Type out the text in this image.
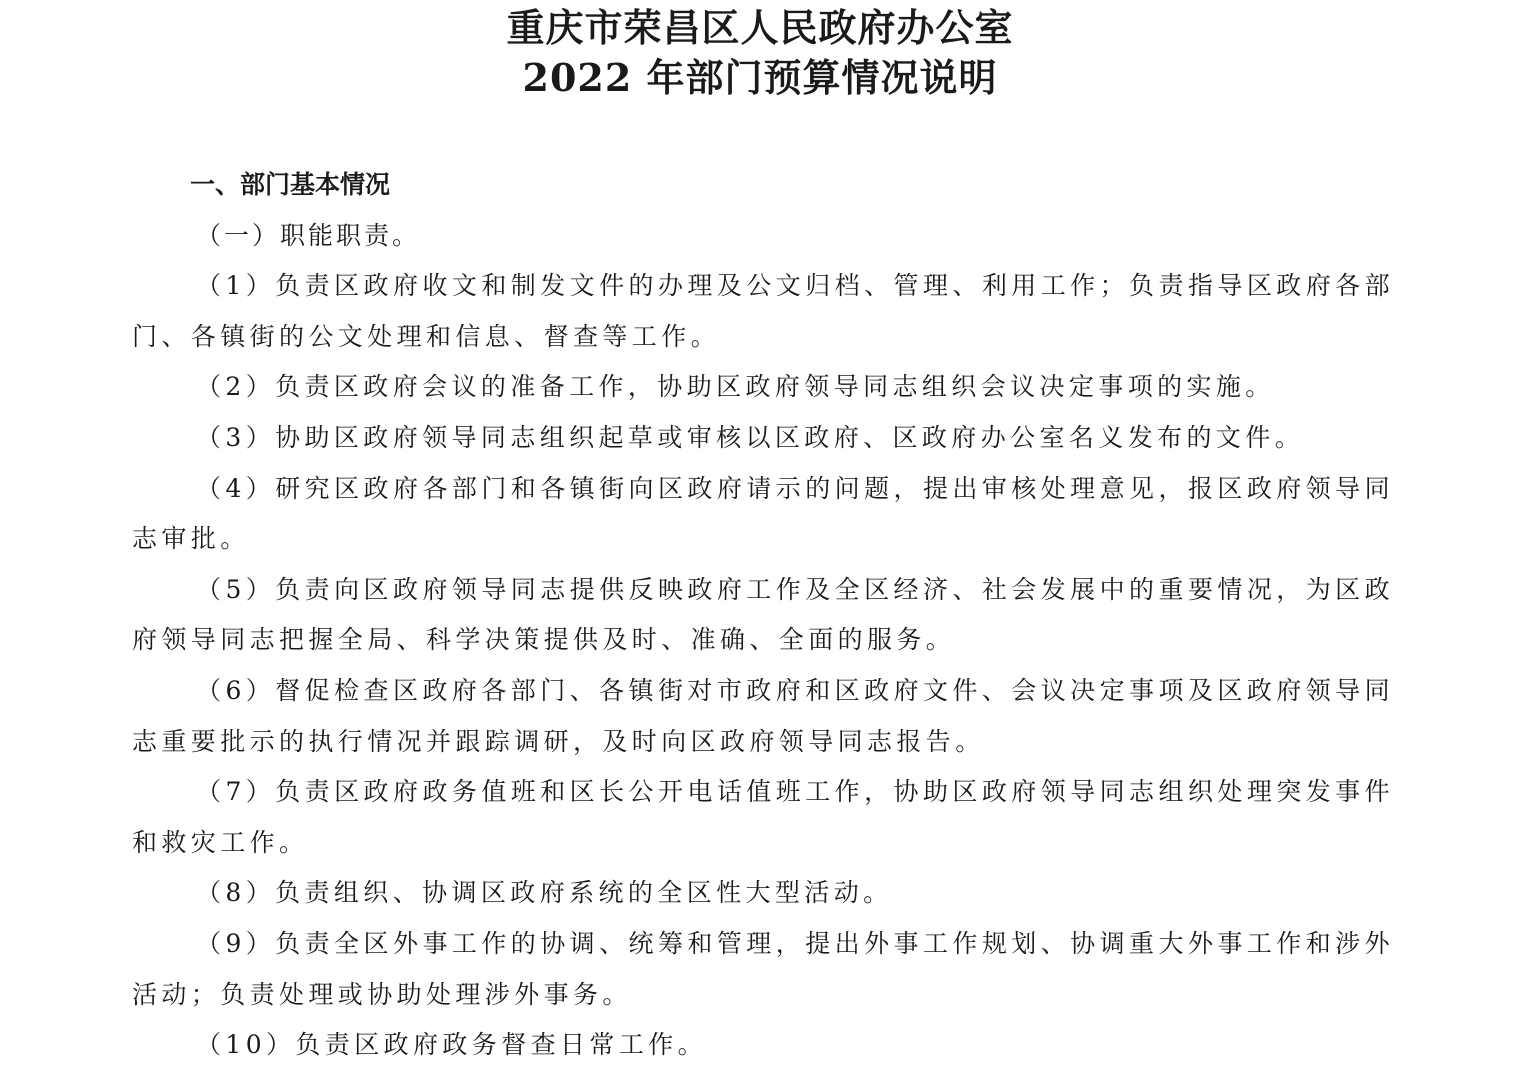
重庆市荣昌区人民政府办公室
2022 年部门预算情况说明
一、部门基本情况

（一）职能职责。

（1）负责区政府收文和制发文件的办理及公文归档、管理、利用工作；负责指导区政府各部门、各镇街的公文处理和信息、督查等工作。

（2）负责区政府会议的准备工作，协助区政府领导同志组织会议决定事项的实施。

（3）协助区政府领导同志组织起草或审核以区政府、区政府办公室名义发布的文件。

（4）研究区政府各部门和各镇街向区政府请示的问题，提出审核处理意见，报区政府领导同志审批。

（5）负责向区政府领导同志提供反映政府工作及全区经济、社会发展中的重要情况，为区政府领导同志把握全局、科学决策提供及时、准确、全面的服务。

（6）督促检查区政府各部门、各镇街对市政府和区政府文件、会议决定事项及区政府领导同志重要批示的执行情况并跟踪调研，及时向区政府领导同志报告。

（7）负责区政府政务值班和区长公开电话值班工作，协助区政府领导同志组织处理突发事件和救灾工作。

（8）负责组织、协调区政府系统的全区性大型活动。

（9）负责全区外事工作的协调、统筹和管理，提出外事工作规划、协调重大外事工作和涉外活动；负责处理或协助处理涉外事务。

（10）负责区政府政务督查日常工作。
